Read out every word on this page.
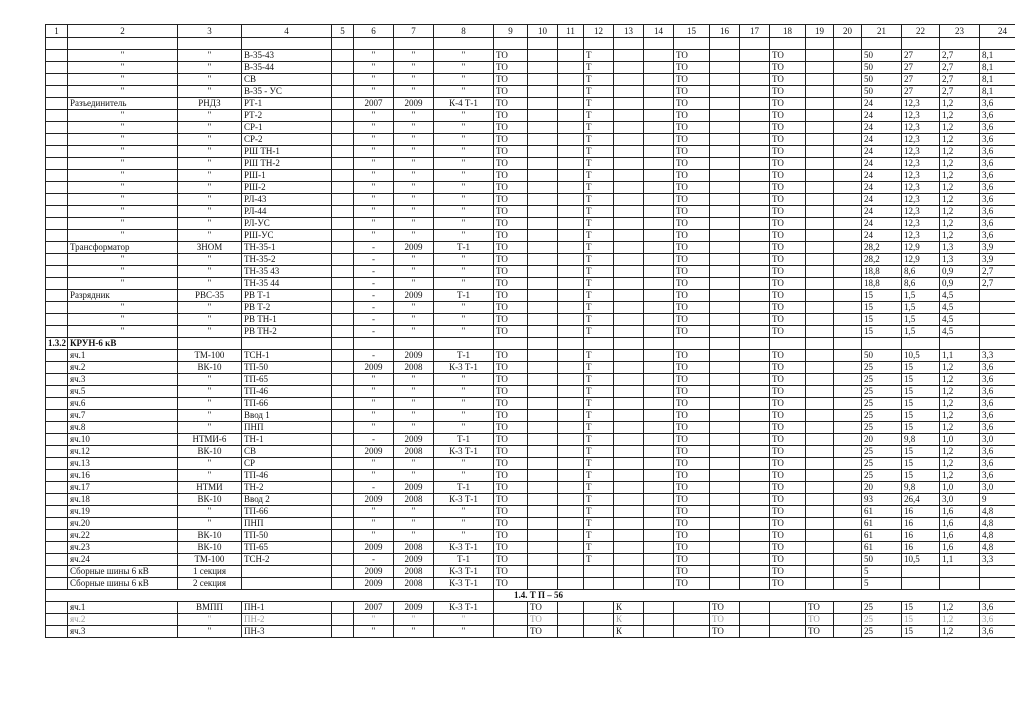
1	2	3	4	5	6	7	8	9	10	11	12	13	14	15	16	17	18	19	20	21	22	23	24

	"	"	В-35-43		"	"	"	ТО			Т			ТО			ТО			50	27	2,7	8,1
	"	"	В-35-44		"	"	"	ТО			Т			ТО			ТО			50	27	2,7	8,1
	"	"	СВ		"	"	"	ТО			Т			ТО			ТО			50	27	2,7	8,1
	"	"	В-35 - УС		"	"	"	ТО			Т			ТО			ТО			50	27	2,7	8,1
	Разъединитель	РНДЗ	РТ-1		2007	2009	К-4 Т-1	ТО			Т			ТО			ТО			24	12,3	1,2	3,6
	"	"	РТ-2		"	"	"	ТО			Т			ТО			ТО			24	12,3	1,2	3,6
	"	"	СР-1		"	"	"	ТО			Т			ТО			ТО			24	12,3	1,2	3,6
	"	"	СР-2		"	"	"	ТО			Т			ТО			ТО			24	12,3	1,2	3,6
	"	"	РШ ТН-1		"	"	"	ТО			Т			ТО			ТО			24	12,3	1,2	3,6
	"	"	РШ ТН-2		"	"	"	ТО			Т			ТО			ТО			24	12,3	1,2	3,6
	"	"	РШ-1		"	"	"	ТО			Т			ТО			ТО			24	12,3	1,2	3,6
	"	"	РШ-2		"	"	"	ТО			Т			ТО			ТО			24	12,3	1,2	3,6
	"	"	РЛ-43		"	"	"	ТО			Т			ТО			ТО			24	12,3	1,2	3,6
	"	"	РЛ-44		"	"	"	ТО			Т			ТО			ТО			24	12,3	1,2	3,6
	"	"	РЛ-УС		"	"	"	ТО			Т			ТО			ТО			24	12,3	1,2	3,6
	"	"	РШ-УС		"	"	"	ТО			Т			ТО			ТО			24	12,3	1,2	3,6
	Трансформатор	ЗНОМ	ТН-35-1		-	2009	Т-1	ТО			Т			ТО			ТО			28,2	12,9	1,3	3,9
	"	"	ТН-35-2		-	"	"	ТО			Т			ТО			ТО			28,2	12,9	1,3	3,9
	"	"	ТН-35 43		-	"	"	ТО			Т			ТО			ТО			18,8	8,6	0,9	2,7
	"	"	ТН-35 44		-	"	"	ТО			Т			ТО			ТО			18,8	8,6	0,9	2,7
	Разрядник	РВС-35	РВ Т-1		-	2009	Т-1	ТО			Т			ТО			ТО			15	1,5	4,5	
	"	"	РВ Т-2		-	"	"	ТО			Т			ТО			ТО			15	1,5	4,5	
	"	"	РВ ТН-1		-	"	"	ТО			Т			ТО			ТО			15	1,5	4,5	
	"	"	РВ ТН-2		-	"	"	ТО			Т			ТО			ТО			15	1,5	4,5	
1.3.2	КРУН-6 кВ																						
	яч.1	ТМ-100	ТСН-1		-	2009	Т-1	ТО			Т			ТО			ТО			50	10,5	1,1	3,3
	яч.2	ВК-10	ТП-50		2009	2008	К-3 Т-1	ТО			Т			ТО			ТО			25	15	1,2	3,6
	яч.3	"	ТП-65		"	"	"	ТО			Т			ТО			ТО			25	15	1,2	3,6
	яч.5	"	ТП-46		"	"	"	ТО			Т			ТО			ТО			25	15	1,2	3,6
	яч.6	"	ТП-66		"	"	"	ТО			Т			ТО			ТО			25	15	1,2	3,6
	яч.7	"	Ввод 1		"	"	"	ТО			Т			ТО			ТО			25	15	1,2	3,6
	яч.8	"	ПНП		"	"	"	ТО			Т			ТО			ТО			25	15	1,2	3,6
	яч.10	НТМИ-6	ТН-1		-	2009	Т-1	ТО			Т			ТО			ТО			20	9,8	1,0	3,0
	яч.12	ВК-10	СВ		2009	2008	К-3 Т-1	ТО			Т			ТО			ТО			25	15	1,2	3,6
	яч.13	"	СР		"	"	"	ТО			Т			ТО			ТО			25	15	1,2	3,6
	яч.16	"	ТП-46		"	"	"	ТО			Т			ТО			ТО			25	15	1,2	3,6
	яч.17	НТМИ	ТН-2		-	2009	Т-1	ТО			Т			ТО			ТО			20	9,8	1,0	3,0
	яч.18	ВК-10	Ввод 2		2009	2008	К-3 Т-1	ТО			Т			ТО			ТО			93	26,4	3,0	9
	яч.19	"	ТП-66		"	"	"	ТО			Т			ТО			ТО			61	16	1,6	4,8
	яч.20	"	ПНП		"	"	"	ТО			Т			ТО			ТО			61	16	1,6	4,8
	яч.22	ВК-10	ТП-50		"	"	"	ТО			Т			ТО			ТО			61	16	1,6	4,8
	яч.23	ВК-10	ТП-65		2009	2008	К-3 Т-1	ТО			Т			ТО			ТО			61	16	1,6	4,8
	яч.24	ТМ-100	ТСН-2		-	2009	Т-1	ТО			Т			ТО			ТО			50	10,5	1,1	3,3
	Сборные шины 6 кВ	1 секция			2009	2008	К-3 Т-1	ТО						ТО			ТО			5			
	Сборные шины 6 кВ	2 секция			2009	2008	К-3 Т-1	ТО						ТО			ТО			5			
								1.4. Т П – 56															
	яч.1	ВМПП	ПН-1		2007	2009	К-3 Т-1		ТО			К			ТО			ТО		25	15	1,2	3,6
	яч.2	"	ПН-2		"	"	"		ТО			К			ТО			ТО		25	15	1,2	3,6
	яч.3	"	ПН-3		"	"	"		ТО			К			ТО			ТО		25	15	1,2	3,6
